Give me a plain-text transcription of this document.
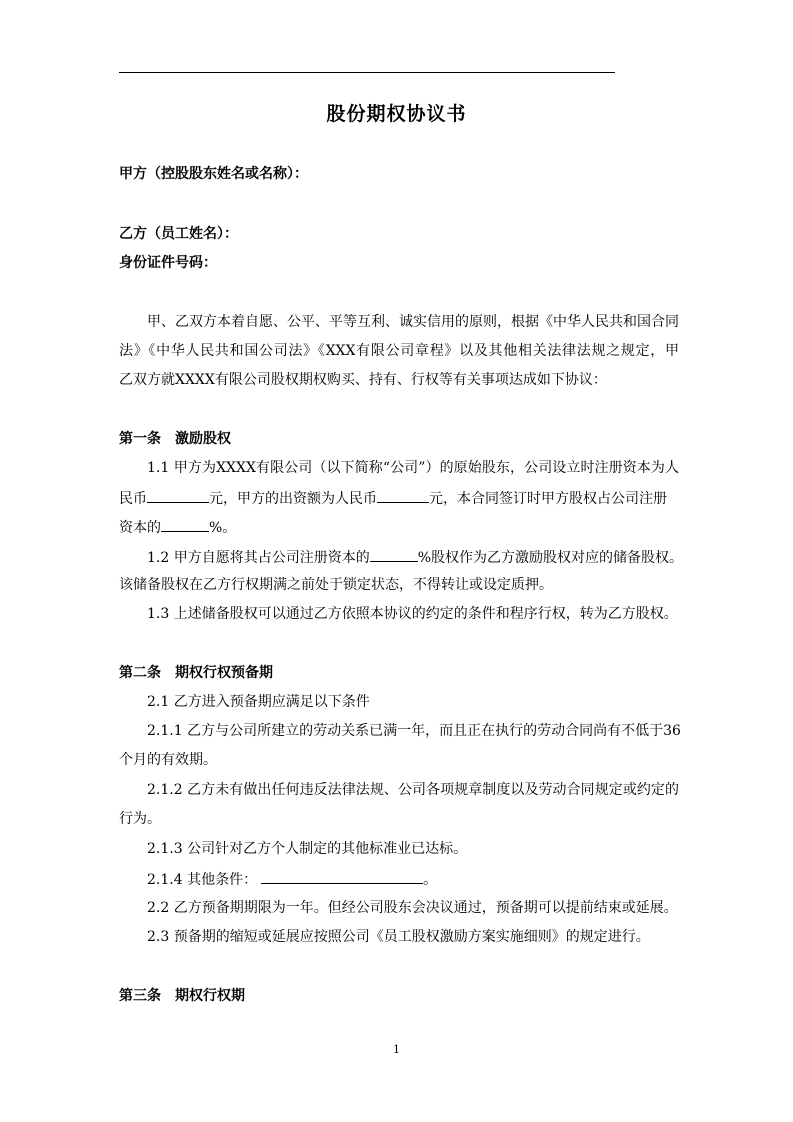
股份期权协议书
甲方（控股股东姓名或名称）：
乙方（员工姓名）：
身份证件号码：
甲、乙双方本着自愿、公平、平等互利、诚实信用的原则，根据《中华人民共和国合同
法》《中华人民共和国公司法》《XXX有限公司章程》以及其他相关法律法规之规定，甲
乙双方就XXXX有限公司股权期权购买、持有、行权等有关事项达成如下协议：
第一条　激励股权
1.1 甲方为XXXX有限公司（以下简称“公司”）的原始股东，公司设立时注册资本为人
民币	元，甲方的出资额为人民币	元，本合同签订时甲方股权占公司注册
资本的	%。
1.2 甲方自愿将其占公司注册资本的	%股权作为乙方激励股权对应的储备股权。
该储备股权在乙方行权期满之前处于锁定状态，不得转让或设定质押。
1.3 上述储备股权可以通过乙方依照本协议的约定的条件和程序行权，转为乙方股权。
第二条　期权行权预备期
2.1 乙方进入预备期应满足以下条件
2.1.1 乙方与公司所建立的劳动关系已满一年，而且正在执行的劳动合同尚有不低于36
个月的有效期。
2.1.2 乙方未有做出任何违反法律法规、公司各项规章制度以及劳动合同规定或约定的
行为。
2.1.3 公司针对乙方个人制定的其他标准业已达标。
2.1.4 其他条件：	。
2.2 乙方预备期期限为一年。但经公司股东会决议通过，预备期可以提前结束或延展。
2.3 预备期的缩短或延展应按照公司《员工股权激励方案实施细则》的规定进行。
第三条　期权行权期
1
